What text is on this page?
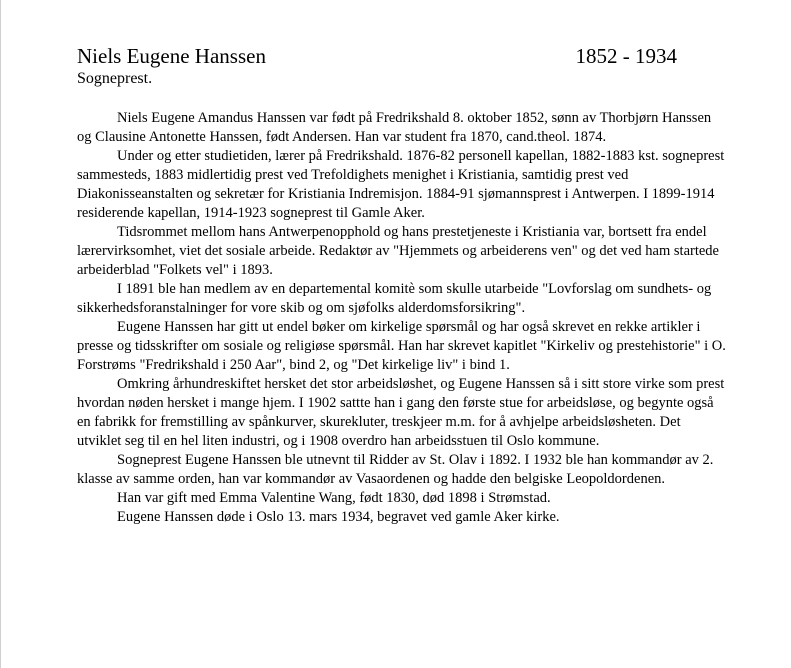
Niels Eugene Hanssen	1852 - 1934
Sogneprest.

Niels Eugene Amandus Hanssen var født på Fredrikshald 8. oktober 1852, sønn av Thorbjørn Hanssen og Clausine Antonette Hanssen, født Andersen. Han var student fra 1870, cand.theol. 1874.

Under og etter studietiden, lærer på Fredrikshald. 1876-82 personell kapellan, 1882-1883 kst. sogneprest sammesteds, 1883 midlertidig prest ved Trefoldighets menighet i Kristiania, samtidig prest ved Diakonisseanstalten og sekretær for Kristiania Indremisjon. 1884-91 sjømannsprest i Antwerpen. I 1899-1914 residerende kapellan, 1914-1923 sogneprest til Gamle Aker.

Tidsrommet mellom hans Antwerpenopphold og hans prestetjeneste i Kristiania var, bortsett fra endel lærervirksomhet, viet det sosiale arbeide. Redaktør av "Hjemmets og arbeiderens ven" og det ved ham startede arbeiderblad "Folkets vel" i 1893.

I 1891 ble han medlem av en departemental komitè som skulle utarbeide "Lovforslag om sundhets- og sikkerhedsforanstalninger for vore skib og om sjøfolks alderdomsforsikring".

Eugene Hanssen har gitt ut endel bøker om kirkelige spørsmål og har også skrevet en rekke artikler i presse og tidsskrifter om sosiale og religiøse spørsmål. Han har skrevet kapitlet "Kirkeliv og prestehistorie" i O. Forstrøms "Fredrikshald i 250 Aar", bind 2, og "Det kirkelige liv" i bind 1.

Omkring århundreskiftet hersket det stor arbeidsløshet, og Eugene Hanssen så i sitt store virke som prest hvordan nøden hersket i mange hjem. I 1902 sattte han i gang den første stue for arbeidsløse, og begynte også en fabrikk for fremstilling av spånkurver, skurekluter, treskjeer m.m. for å avhjelpe arbeidsløsheten. Det utviklet seg til en hel liten industri, og i 1908 overdro han arbeidsstuen til Oslo kommune.

Sogneprest Eugene Hanssen ble utnevnt til Ridder av St. Olav i 1892. I 1932 ble han kommandør av 2. klasse av samme orden, han var kommandør av Vasaordenen og hadde den belgiske Leopoldordenen.

Han var gift med Emma Valentine Wang, født 1830, død 1898 i Strømstad.

Eugene Hanssen døde i Oslo 13. mars 1934, begravet ved gamle Aker kirke.
